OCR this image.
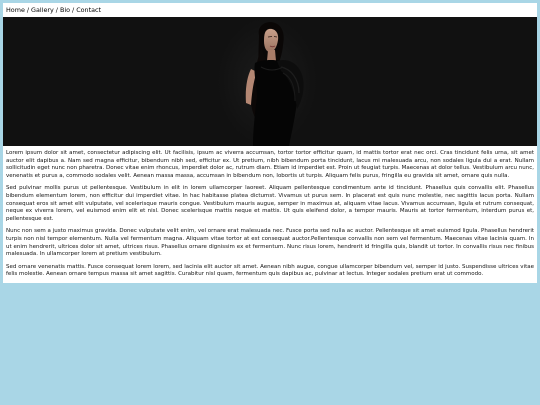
Home / Gallery / Bio / Contact

Lorem ipsum dolor sit amet, consectetur adipiscing elit. Ut facilisis, ipsum ac viverra accumsan, tortor tortor efficitur quam, id mattis tortor erat nec orci. Cras tincidunt felis urna, sit amet auctor elit dapibus a. Nam sed magna efficitur, bibendum nibh sed, efficitur ex. Ut pretium, nibh bibendum porta tincidunt, lacus mi malesuada arcu, non sodales ligula dui a erat. Nullam sollicitudin eget nunc non pharetra. Donec vitae enim rhoncus, imperdiet dolor ac, rutrum diam. Etiam id imperdiet est. Proin ut feugiat turpis. Maecenas at dolor tellus. Vestibulum arcu nunc, venenatis et purus a, commodo sodales velit. Aenean massa massa, accumsan in bibendum non, lobortis ut turpis. Aliquam felis purus, fringilla eu gravida sit amet, ornare quis nulla.

Sed pulvinar mollis purus ut pellentesque. Vestibulum in elit in lorem ullamcorper laoreet. Aliquam pellentesque condimentum ante id tincidunt. Phasellus quis convallis elit. Phasellus bibendum elementum lorem, non efficitur dui imperdiet vitae. In hac habitasse platea dictumst. Vivamus ut purus sem. In placerat est quis nunc molestie, nec sagittis lacus porta. Nullam consequat eros sit amet elit vulputate, vel scelerisque mauris congue. Vestibulum mauris augue, semper in maximus at, aliquam vitae lacus. Vivamus accumsan, ligula et rutrum consequat, neque ex viverra lorem, vel euismod enim elit et nisl. Donec scelerisque mattis neque et mattis. Ut quis eleifend dolor, a tempor mauris. Mauris at tortor fermentum, interdum purus et, pellentesque est.

Nunc non sem a justo maximus gravida. Donec vulputate velit enim, vel ornare erat malesuada nec. Fusce porta sed nulla ac auctor. Pellentesque sit amet euismod ligula. Phasellus hendrerit turpis non nisl tempor elementum. Nulla vel fermentum magna. Aliquam vitae tortor at est consequat auctor.Pellentesque convallis non sem vel fermentum. Maecenas vitae lacinia quam. In ut enim hendrerit, ultrices dolor sit amet, ultrices risus. Phasellus ornare dignissim ex et fermentum. Nunc risus lorem, hendrerit id fringilla quis, blandit ut tortor. In convallis risus nec finibus malesuada. In ullamcorper lorem at pretium vestibulum.

Sed ornare venenatis mattis. Fusce consequat lorem lorem, sed lacinia elit auctor sit amet. Aenean nibh augue, congue ullamcorper bibendum vel, semper id justo. Suspendisse ultrices vitae felis molestie. Aenean ornare tempus massa sit amet sagittis. Curabitur nisl quam, fermentum quis dapibus ac, pulvinar at lectus. Integer sodales pretium erat ut commodo.
